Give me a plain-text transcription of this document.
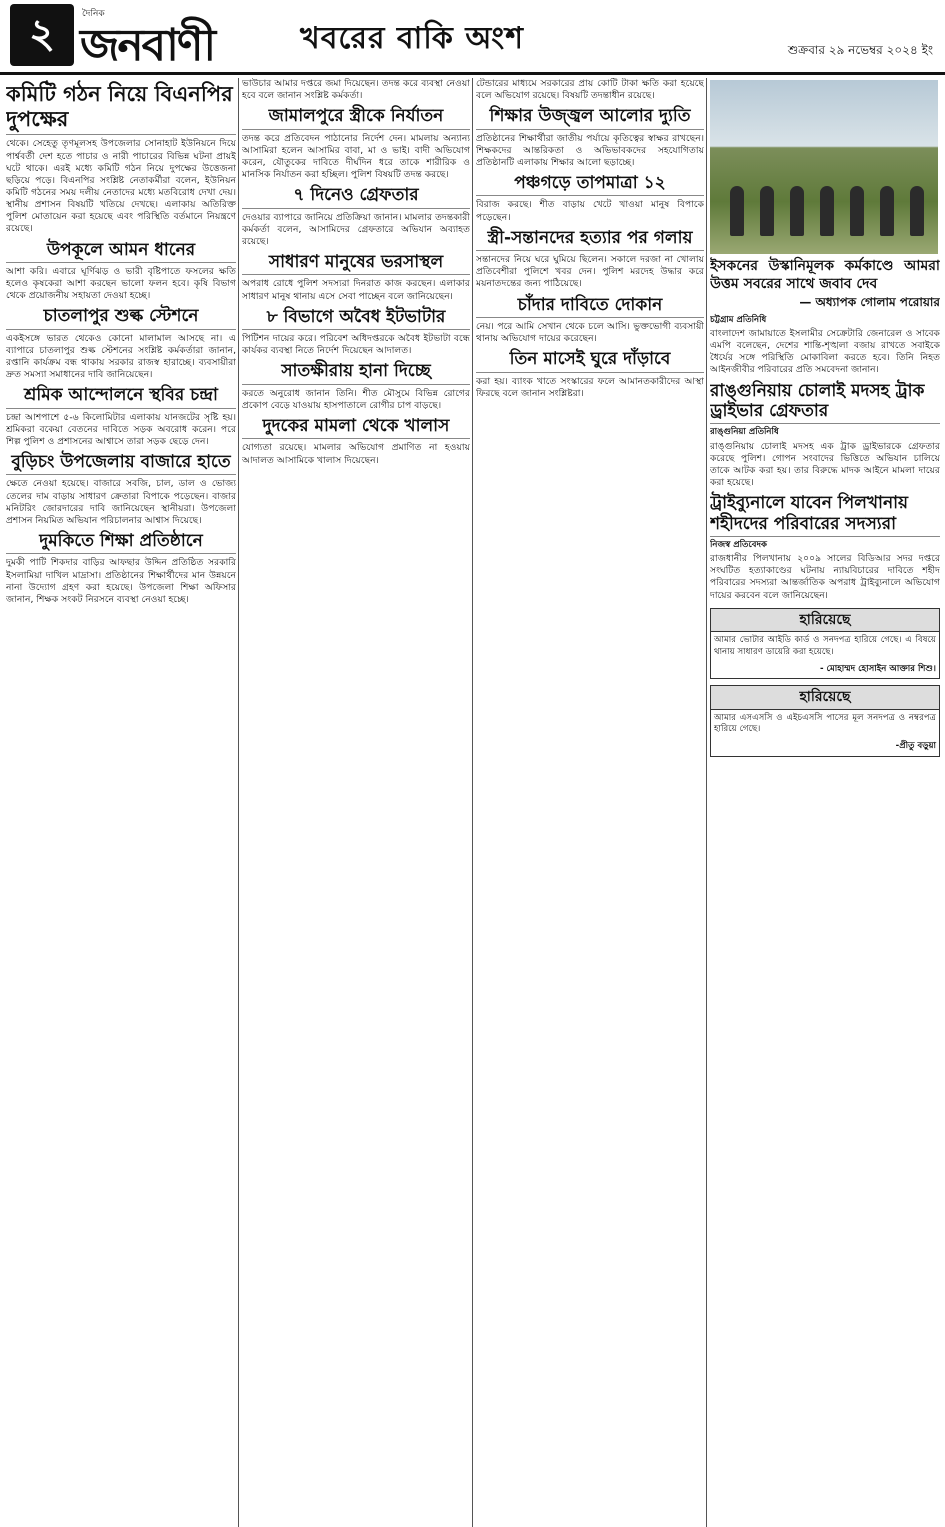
২	দৈনিক
জনবাণী	খবরের বাকি অংশ	শুক্রবার ২৯ নভেম্বর ২০২৪ ইং
কমিটি গঠন নিয়ে বিএনপির দুপক্ষের

থেকে। সেহেতু তৃণমূলসহ উপজেলার সোনাহাট ইউনিয়নে দিয়ে পার্শ্ববর্তী দেশ হতে পাচার ও নারী পাচারের বিভিন্ন ঘটনা প্রায়ই ঘটে থাকে। এরই মধ্যে কমিটি গঠন নিয়ে দুপক্ষের উত্তেজনা ছড়িয়ে পড়ে। বিএনপির সংশ্লিষ্ট নেতাকর্মীরা বলেন, ইউনিয়ন কমিটি গঠনের সময় দলীয় নেতাদের মধ্যে মতবিরোধ দেখা দেয়। স্থানীয় প্রশাসন বিষয়টি খতিয়ে দেখছে। এলাকায় অতিরিক্ত পুলিশ মোতায়েন করা হয়েছে এবং পরিস্থিতি বর্তমানে নিয়ন্ত্রণে রয়েছে।

উপকূলে আমন ধানের

আশা করি। এবারে ঘূর্ণিঝড় ও ভারী বৃষ্টিপাতে ফসলের ক্ষতি হলেও কৃষকেরা আশা করছেন ভালো ফলন হবে। কৃষি বিভাগ থেকে প্রয়োজনীয় সহায়তা দেওয়া হচ্ছে।

চাতলাপুর শুল্ক স্টেশনে

একইসঙ্গে ভারত থেকেও কোনো মালামাল আসছে না। এ ব্যাপারে চাতলাপুর শুল্ক স্টেশনের সংশ্লিষ্ট কর্মকর্তারা জানান, রপ্তানি কার্যক্রম বন্ধ থাকায় সরকার রাজস্ব হারাচ্ছে। ব্যবসায়ীরা দ্রুত সমস্যা সমাধানের দাবি জানিয়েছেন।

শ্রমিক আন্দোলনে স্থবির চন্দ্রা

চন্দ্রা আশপাশে ৫-৬ কিলোমিটার এলাকায় যানজটের সৃষ্টি হয়। শ্রমিকরা বকেয়া বেতনের দাবিতে সড়ক অবরোধ করেন। পরে শিল্প পুলিশ ও প্রশাসনের আশ্বাসে তারা সড়ক ছেড়ে দেন।

বুড়িচং উপজেলায় বাজারে হাতে

ক্ষেতে নেওয়া হয়েছে। বাজারে সবজি, চাল, ডাল ও ভোজ্য তেলের দাম বাড়ায় সাধারণ ক্রেতারা বিপাকে পড়েছেন। বাজার মনিটরিং জোরদারের দাবি জানিয়েছেন স্থানীয়রা। উপজেলা প্রশাসন নিয়মিত অভিযান পরিচালনার আশ্বাস দিয়েছে।

দুমকিতে শিক্ষা প্রতিষ্ঠানে

দুমকী পাটি শিকদার বাড়ির আফছার উদ্দিন প্রতিষ্ঠিত সরকারি ইসলামিয়া দাখিল মাদ্রাসা। প্রতিষ্ঠানের শিক্ষার্থীদের মান উন্নয়নে নানা উদ্যোগ গ্রহণ করা হয়েছে। উপজেলা শিক্ষা অফিসার জানান, শিক্ষক সংকট নিরসনে ব্যবস্থা নেওয়া হচ্ছে।

ভাউচার আমার দপ্তরে জমা দিয়েছেন। তদন্ত করে ব্যবস্থা নেওয়া হবে বলে জানান সংশ্লিষ্ট কর্মকর্তা।

জামালপুরে স্ত্রীকে নির্যাতন

তদন্ত করে প্রতিবেদন পাঠানোর নির্দেশ দেন। মামলায় অন্যান্য আসামিরা হলেন আসামির বাবা, মা ও ভাই। বাদী অভিযোগ করেন, যৌতুকের দাবিতে দীর্ঘদিন ধরে তাকে শারীরিক ও মানসিক নির্যাতন করা হচ্ছিল। পুলিশ বিষয়টি তদন্ত করছে।

৭ দিনেও গ্রেফতার

দেওয়ার ব্যাপারে জানিয়ে প্রতিক্রিয়া জানান। মামলার তদন্তকারী কর্মকর্তা বলেন, আসামিদের গ্রেফতারে অভিযান অব্যাহত রয়েছে।

সাধারণ মানুষের ভরসাস্থল

অপরাধ রোধে পুলিশ সদস্যরা দিনরাত কাজ করছেন। এলাকার সাধারণ মানুষ থানায় এসে সেবা পাচ্ছেন বলে জানিয়েছেন।

৮ বিভাগে অবৈধ ইটভাটার

পিটিশন দায়ের করে। পরিবেশ অধিদপ্তরকে অবৈধ ইটভাটা বন্ধে কার্যকর ব্যবস্থা নিতে নির্দেশ দিয়েছেন আদালত।

সাতক্ষীরায় হানা দিচ্ছে

করতে অনুরোধ জানান তিনি। শীত মৌসুমে বিভিন্ন রোগের প্রকোপ বেড়ে যাওয়ায় হাসপাতালে রোগীর চাপ বাড়ছে।

দুদকের মামলা থেকে খালাস

যোগ্যতা রয়েছে। মামলার অভিযোগ প্রমাণিত না হওয়ায় আদালত আসামিকে খালাস দিয়েছেন।

টেন্ডারের মাধ্যমে সরকারের প্রায় কোটি টাকা ক্ষতি করা হয়েছে বলে অভিযোগ রয়েছে। বিষয়টি তদন্তাধীন রয়েছে।

শিক্ষার উজ্জ্বল আলোর দ্যুতি

প্রতিষ্ঠানের শিক্ষার্থীরা জাতীয় পর্যায়ে কৃতিত্বের স্বাক্ষর রাখছেন। শিক্ষকদের আন্তরিকতা ও অভিভাবকদের সহযোগিতায় প্রতিষ্ঠানটি এলাকায় শিক্ষার আলো ছড়াচ্ছে।

পঞ্চগড়ে তাপমাত্রা ১২

বিরাজ করছে। শীত বাড়ায় খেটে খাওয়া মানুষ বিপাকে পড়েছেন।

স্ত্রী-সন্তানদের হত্যার পর গলায়

সন্তানদের নিয়ে ঘরে ঘুমিয়ে ছিলেন। সকালে দরজা না খোলায় প্রতিবেশীরা পুলিশে খবর দেন। পুলিশ মরদেহ উদ্ধার করে ময়নাতদন্তের জন্য পাঠিয়েছে।

চাঁদার দাবিতে দোকান

নেয়। পরে আমি সেখান থেকে চলে আসি। ভুক্তভোগী ব্যবসায়ী থানায় অভিযোগ দায়ের করেছেন।

তিন মাসেই ঘুরে দাঁড়াবে

করা হয়। ব্যাংক খাতে সংস্কারের ফলে আমানতকারীদের আস্থা ফিরছে বলে জানান সংশ্লিষ্টরা।

ইসকনের উস্কানিমূলক কর্মকাণ্ডে আমরা উত্তম সবরের সাথে জবাব দেব
— অধ্যাপক গোলাম পরোয়ার
চট্টগ্রাম প্রতিনিধি

বাংলাদেশ জামায়াতে ইসলামীর সেক্রেটারি জেনারেল ও সাবেক এমপি বলেছেন, দেশের শান্তি-শৃঙ্খলা বজায় রাখতে সবাইকে ধৈর্যের সঙ্গে পরিস্থিতি মোকাবিলা করতে হবে। তিনি নিহত আইনজীবীর পরিবারের প্রতি সমবেদনা জানান।

রাঙ্গুনিয়ায় চোলাই মদসহ ট্রাক ড্রাইভার গ্রেফতার
রাঙ্গুনিয়া প্রতিনিধি

রাঙ্গুনিয়ায় চোলাই মদসহ এক ট্রাক ড্রাইভারকে গ্রেফতার করেছে পুলিশ। গোপন সংবাদের ভিত্তিতে অভিযান চালিয়ে তাকে আটক করা হয়। তার বিরুদ্ধে মাদক আইনে মামলা দায়ের করা হয়েছে।

ট্রাইব্যুনালে যাবেন পিলখানায় শহীদদের পরিবারের সদস্যরা
নিজস্ব প্রতিবেদক

রাজধানীর পিলখানায় ২০০৯ সালের বিডিআর সদর দপ্তরে সংঘটিত হত্যাকাণ্ডের ঘটনায় ন্যায়বিচারের দাবিতে শহীদ পরিবারের সদস্যরা আন্তর্জাতিক অপরাধ ট্রাইব্যুনালে অভিযোগ দায়ের করবেন বলে জানিয়েছেন।

হারিয়েছে
আমার ভোটার আইডি কার্ড ও সনদপত্র হারিয়ে গেছে। এ বিষয়ে থানায় সাধারণ ডায়েরি করা হয়েছে।
- মোহাম্মদ হোসাইন আক্তার শিশু।
হারিয়েছে
আমার এসএসসি ও এইচএসসি পাসের মূল সনদপত্র ও নম্বরপত্র হারিয়ে গেছে।
-প্রীতু বড়ুয়া
